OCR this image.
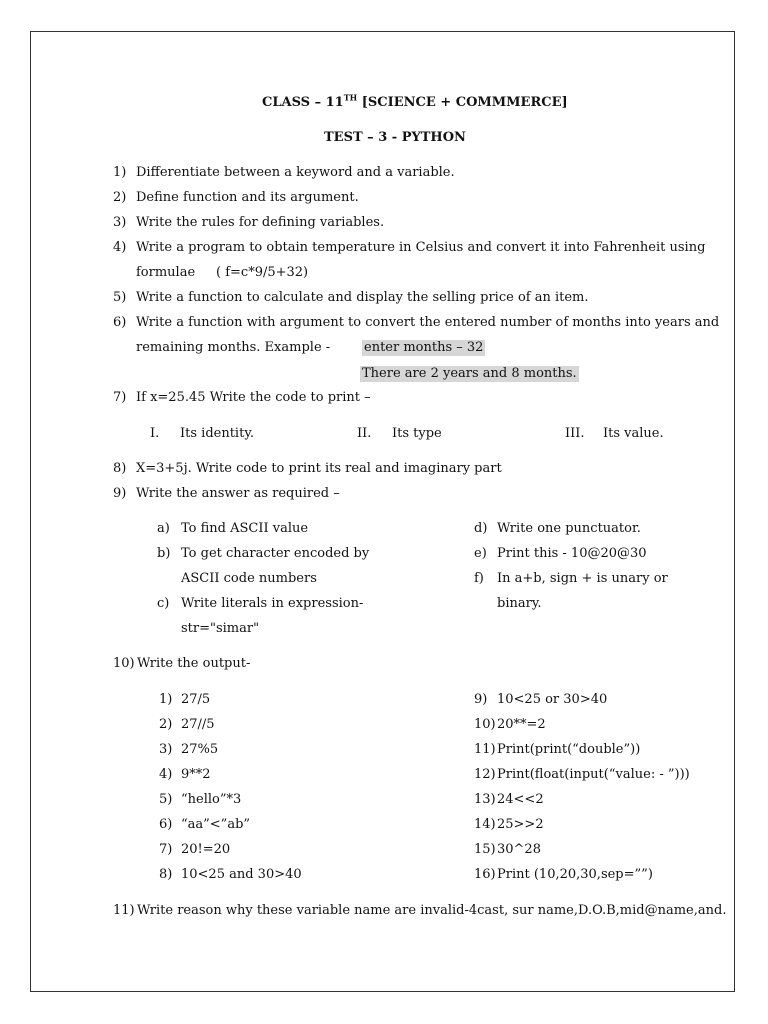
CLASS – 11TH [SCIENCE + COMMMERCE]
TEST – 3 - PYTHON
1) Differentiate between a keyword and a variable.
2) Define function and its argument.
3) Write the rules for defining variables.
4) Write a program to obtain temperature in Celsius and convert it into Fahrenheit using
formulae ( f=c*9/5+32)
5) Write a function to calculate and display the selling price of an item.
6) Write a function with argument to convert the entered number of months into years and
remaining months. Example -	enter months – 32
There are 2 years and 8 months.
7) If x=25.45 Write the code to print –
I. Its identity.	II. Its type	III. Its value.
8) X=3+5j. Write code to print its real and imaginary part
9) Write the answer as required –
a) To find ASCII value
b) To get character encoded by
ASCII code numbers
c) Write literals in expression-
str="simar"
d) Write one punctuator.
e) Print this - 10@20@30
f) In a+b, sign + is unary or
binary.
10) Write the output-
1) 27/5
2) 27//5
3) 27%5
4) 9**2
5) “hello”*3
6) “aa”<”ab”
7) 20!=20
8) 10<25 and 30>40
9) 10<25 or 30>40
10) 20**=2
11) Print(print(“double”))
12) Print(float(input(“value: - ”)))
13) 24<<2
14) 25>>2
15) 30^28
16) Print (10,20,30,sep=””)
11) Write reason why these variable name are invalid-4cast, sur name,D.O.B,mid@name,and.
